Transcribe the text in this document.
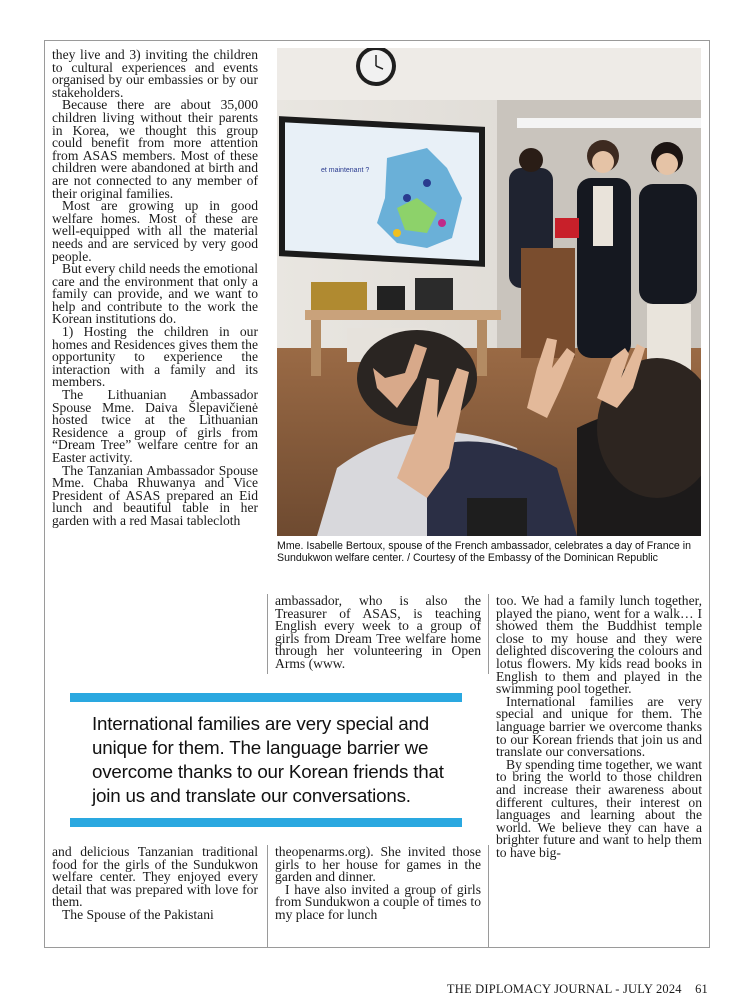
they live and 3) inviting the children to cultural experiences and events organised by our embassies or by our stakeholders.

Because there are about 35,000 children living without their parents in Korea, we thought this group could benefit from more attention from ASAS members. Most of these children were abandoned at birth and are not connected to any member of their original families.

Most are growing up in good welfare homes. Most of these are well-equipped with all the material needs and are serviced by very good people.

But every child needs the emotional care and the environment that only a family can provide, and we want to help and contribute to the work the Korean institutions do.

1) Hosting the children in our homes and Residences gives them the opportunity to experience the interaction with a family and its members.

The Lithuanian Ambassador Spouse Mme. Daiva Šlepavičienė hosted twice at the Lithuanian Residence a group of girls from “Dream Tree” welfare centre for an Easter activity.

The Tanzanian Ambassador Spouse Mme. Chaba Rhuwanya and Vice President of ASAS prepared an Eid lunch and beautiful table in her garden with a red Masai tablecloth

et maintenant ?
Mme. Isabelle Bertoux, spouse of the French ambassador, celebrates a day of France in Sundukwon welfare center. / Courtesy of the Embassy of the Dominican Republic

ambassador, who is also the Treasurer of ASAS, is teaching English every week to a group of girls from Dream Tree welfare home through her volunteering in Open Arms (www.

too. We had a family lunch together, played the piano, went for a walk… I showed them the Buddhist temple close to my house and they were delighted discovering the colours and lotus flowers. My kids read books in English to them and played in the swimming pool together.

International families are very special and unique for them. The language barrier we overcome thanks to our Korean friends that join us and translate our conversations.

By spending time together, we want to bring the world to those children and increase their awareness about different cultures, their interest on languages and learning about the world. We believe they can have a brighter future and want to help them to have big-

International families are very special and unique for them. The language barrier we overcome thanks to our Korean friends that join us and translate our conversations.

and delicious Tanzanian traditional food for the girls of the Sundukwon welfare center. They enjoyed every detail that was prepared with love for them.

The Spouse of the Pakistani

theopenarms.org). She invited those girls to her house for games in the garden and dinner.

I have also invited a group of girls from Sundukwon a couple of times to my place for lunch

THE DIPLOMACY JOURNAL - JULY 2024 61
